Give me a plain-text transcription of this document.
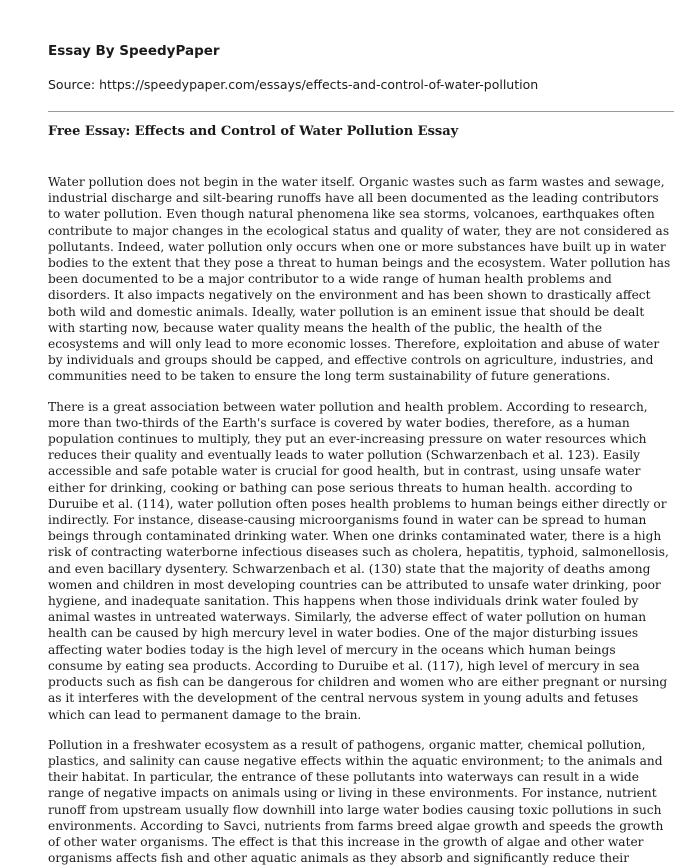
Essay By SpeedyPaper
Source: https://speedypaper.com/essays/effects-and-control-of-water-pollution
Free Essay: Effects and Control of Water Pollution Essay

Water pollution does not begin in the water itself. Organic wastes such as farm wastes and sewage, industrial discharge and silt-bearing runoffs have all been documented as the leading contributors to water pollution. Even though natural phenomena like sea storms, volcanoes, earthquakes often contribute to major changes in the ecological status and quality of water, they are not considered as pollutants. Indeed, water pollution only occurs when one or more substances have built up in water bodies to the extent that they pose a threat to human beings and the ecosystem. Water pollution has been documented to be a major contributor to a wide range of human health problems and disorders. It also impacts negatively on the environment and has been shown to drastically affect both wild and domestic animals. Ideally, water pollution is an eminent issue that should be dealt with starting now, because water quality means the health of the public, the health of the ecosystems and will only lead to more economic losses. Therefore, exploitation and abuse of water by individuals and groups should be capped, and effective controls on agriculture, industries, and communities need to be taken to ensure the long term sustainability of future generations.

There is a great association between water pollution and health problem. According to research, more than two-thirds of the Earth's surface is covered by water bodies, therefore, as a human population continues to multiply, they put an ever-increasing pressure on water resources which reduces their quality and eventually leads to water pollution (Schwarzenbach et al. 123). Easily accessible and safe potable water is crucial for good health, but in contrast, using unsafe water either for drinking, cooking or bathing can pose serious threats to human health. according to Duruibe et al. (114), water pollution often poses health problems to human beings either directly or indirectly. For instance, disease-causing microorganisms found in water can be spread to human beings through contaminated drinking water. When one drinks contaminated water, there is a high risk of contracting waterborne infectious diseases such as cholera, hepatitis, typhoid, salmonellosis, and even bacillary dysentery. Schwarzenbach et al. (130) state that the majority of deaths among women and children in most developing countries can be attributed to unsafe water drinking, poor hygiene, and inadequate sanitation. This happens when those individuals drink water fouled by animal wastes in untreated waterways. Similarly, the adverse effect of water pollution on human health can be caused by high mercury level in water bodies. One of the major disturbing issues affecting water bodies today is the high level of mercury in the oceans which human beings consume by eating sea products. According to Duruibe et al. (117), high level of mercury in sea products such as fish can be dangerous for children and women who are either pregnant or nursing as it interferes with the development of the central nervous system in young adults and fetuses which can lead to permanent damage to the brain.

Pollution in a freshwater ecosystem as a result of pathogens, organic matter, chemical pollution, plastics, and salinity can cause negative effects within the aquatic environment; to the animals and their habitat. In particular, the entrance of these pollutants into waterways can result in a wide range of negative impacts on animals using or living in these environments. For instance, nutrient runoff from upstream usually flow downhill into large water bodies causing toxic pollutions in such environments. According to Savci, nutrients from farms breed algae growth and speeds the growth of other water organisms. The effect is that this increase in the growth of algae and other water organisms affects fish and other aquatic animals as they absorb and significantly reduce their
